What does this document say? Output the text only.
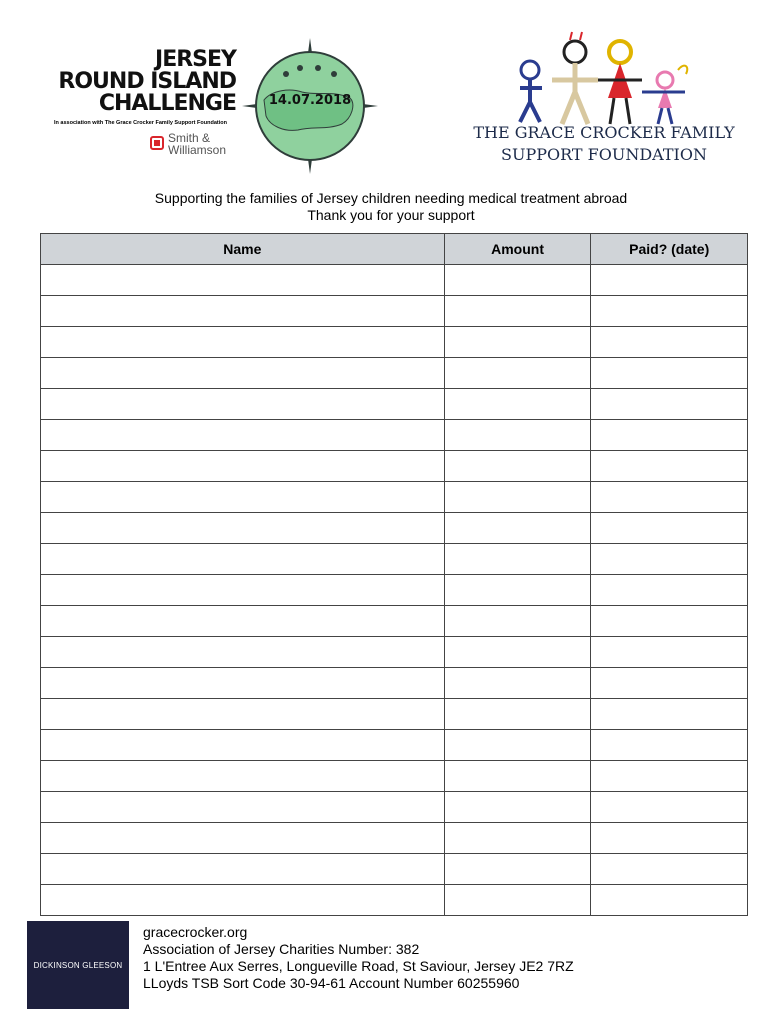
JERSEY
ROUND ISLAND
CHALLENGE
In association with The Grace Crocker Family Support Foundation
Smith &
Williamson
14.07.2018
THE GRACE CROCKER FAMILY
SUPPORT FOUNDATION
Supporting the families of Jersey children needing medical treatment abroad
Thank you for your support
Name	Amount	Paid? (date)

DICKINSON GLEESON
gracecrocker.org
Association of Jersey Charities Number: 382
1 L'Entree Aux Serres, Longueville Road, St Saviour, Jersey JE2 7RZ
LLoyds TSB Sort Code 30-94-61 Account Number 60255960
